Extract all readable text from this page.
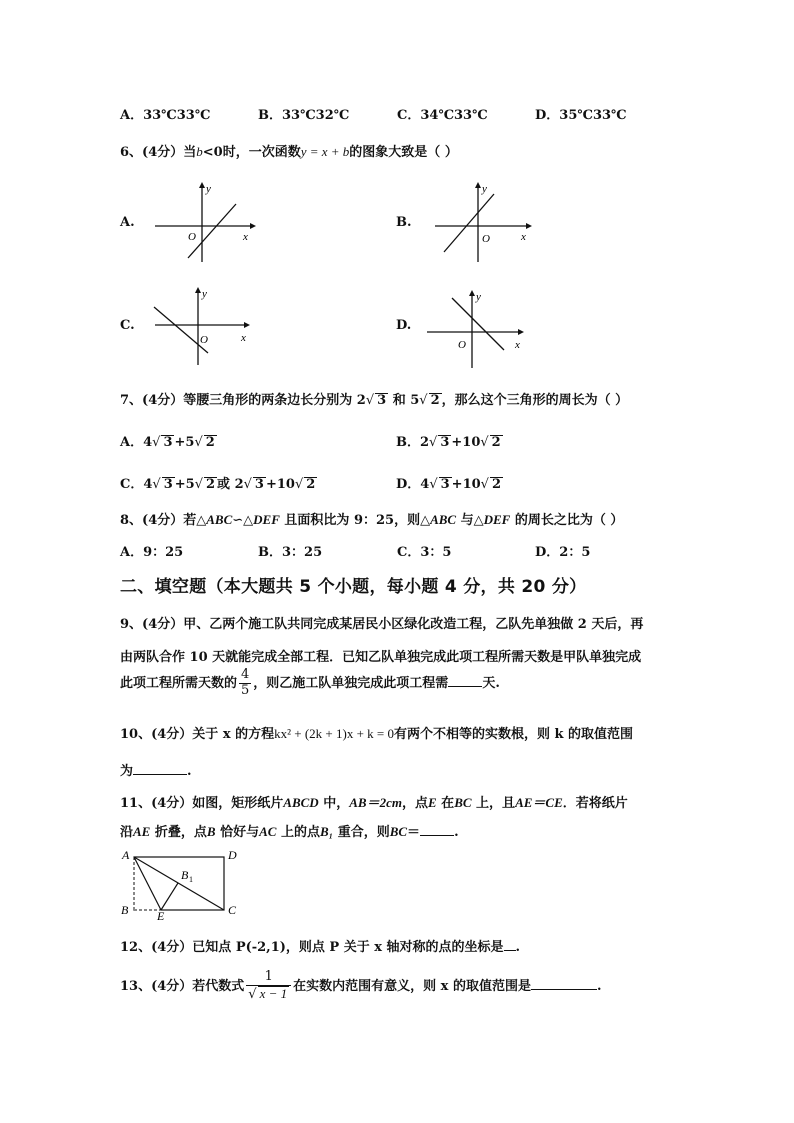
A．33℃33℃	B．33℃32℃	C．34℃33℃	D．35℃33℃
6、(4分）当b<0时，一次函数y = x + b的图象大致是（ ）
A.	B.
C.	D.
y
x
O
y
x
O
y
x
O
y
x
O
7、(4分）等腰三角形的两条边长分别为 2√ 3 和 5√ 2 ，那么这个三角形的周长为（ ）
A．4√ 3 +5√ 2	B．2√ 3 +10√ 2
C．4√ 3 +5√ 2 或 2√ 3 +10√ 2	D．4√ 3 +10√ 2
8、(4分）若△ABC∽△DEF 且面积比为 9：25，则△ABC 与△DEF 的周长之比为（ ）
A．9：25	B．3：25	C．3：5	D．2：5
二、填空题（本大题共 5 个小题，每小题 4 分，共 20 分）
9、(4分）甲、乙两个施工队共同完成某居民小区绿化改造工程，乙队先单独做 2 天后，再
由两队合作 10 天就能完成全部工程．已知乙队单独完成此项工程所需天数是甲队单独完成
此项工程所需天数的 $\frac{4}{5}$ ，则乙施工队单独完成此项工程需	天.
10、(4分）关于 x 的方程kx² + (2k + 1)x + k = 0有两个不相等的实数根，则 k 的取值范围
为	.
11、(4分）如图，矩形纸片ABCD 中，AB＝2cm，点E 在BC 上，且AE＝CE．若将纸片
沿AE 折叠，点B 恰好与AC 上的点B₁ 重合，则BC＝	.
A	D
B	C
E
B 1
12、(4分）已知点 P(-2,1)，则点 P 关于 x 轴对称的点的坐标是 .
13、(4分）若代数式 $\frac{1}{√ x - 1}$ 在实数内范围有意义，则 x 的取值范围是	.
